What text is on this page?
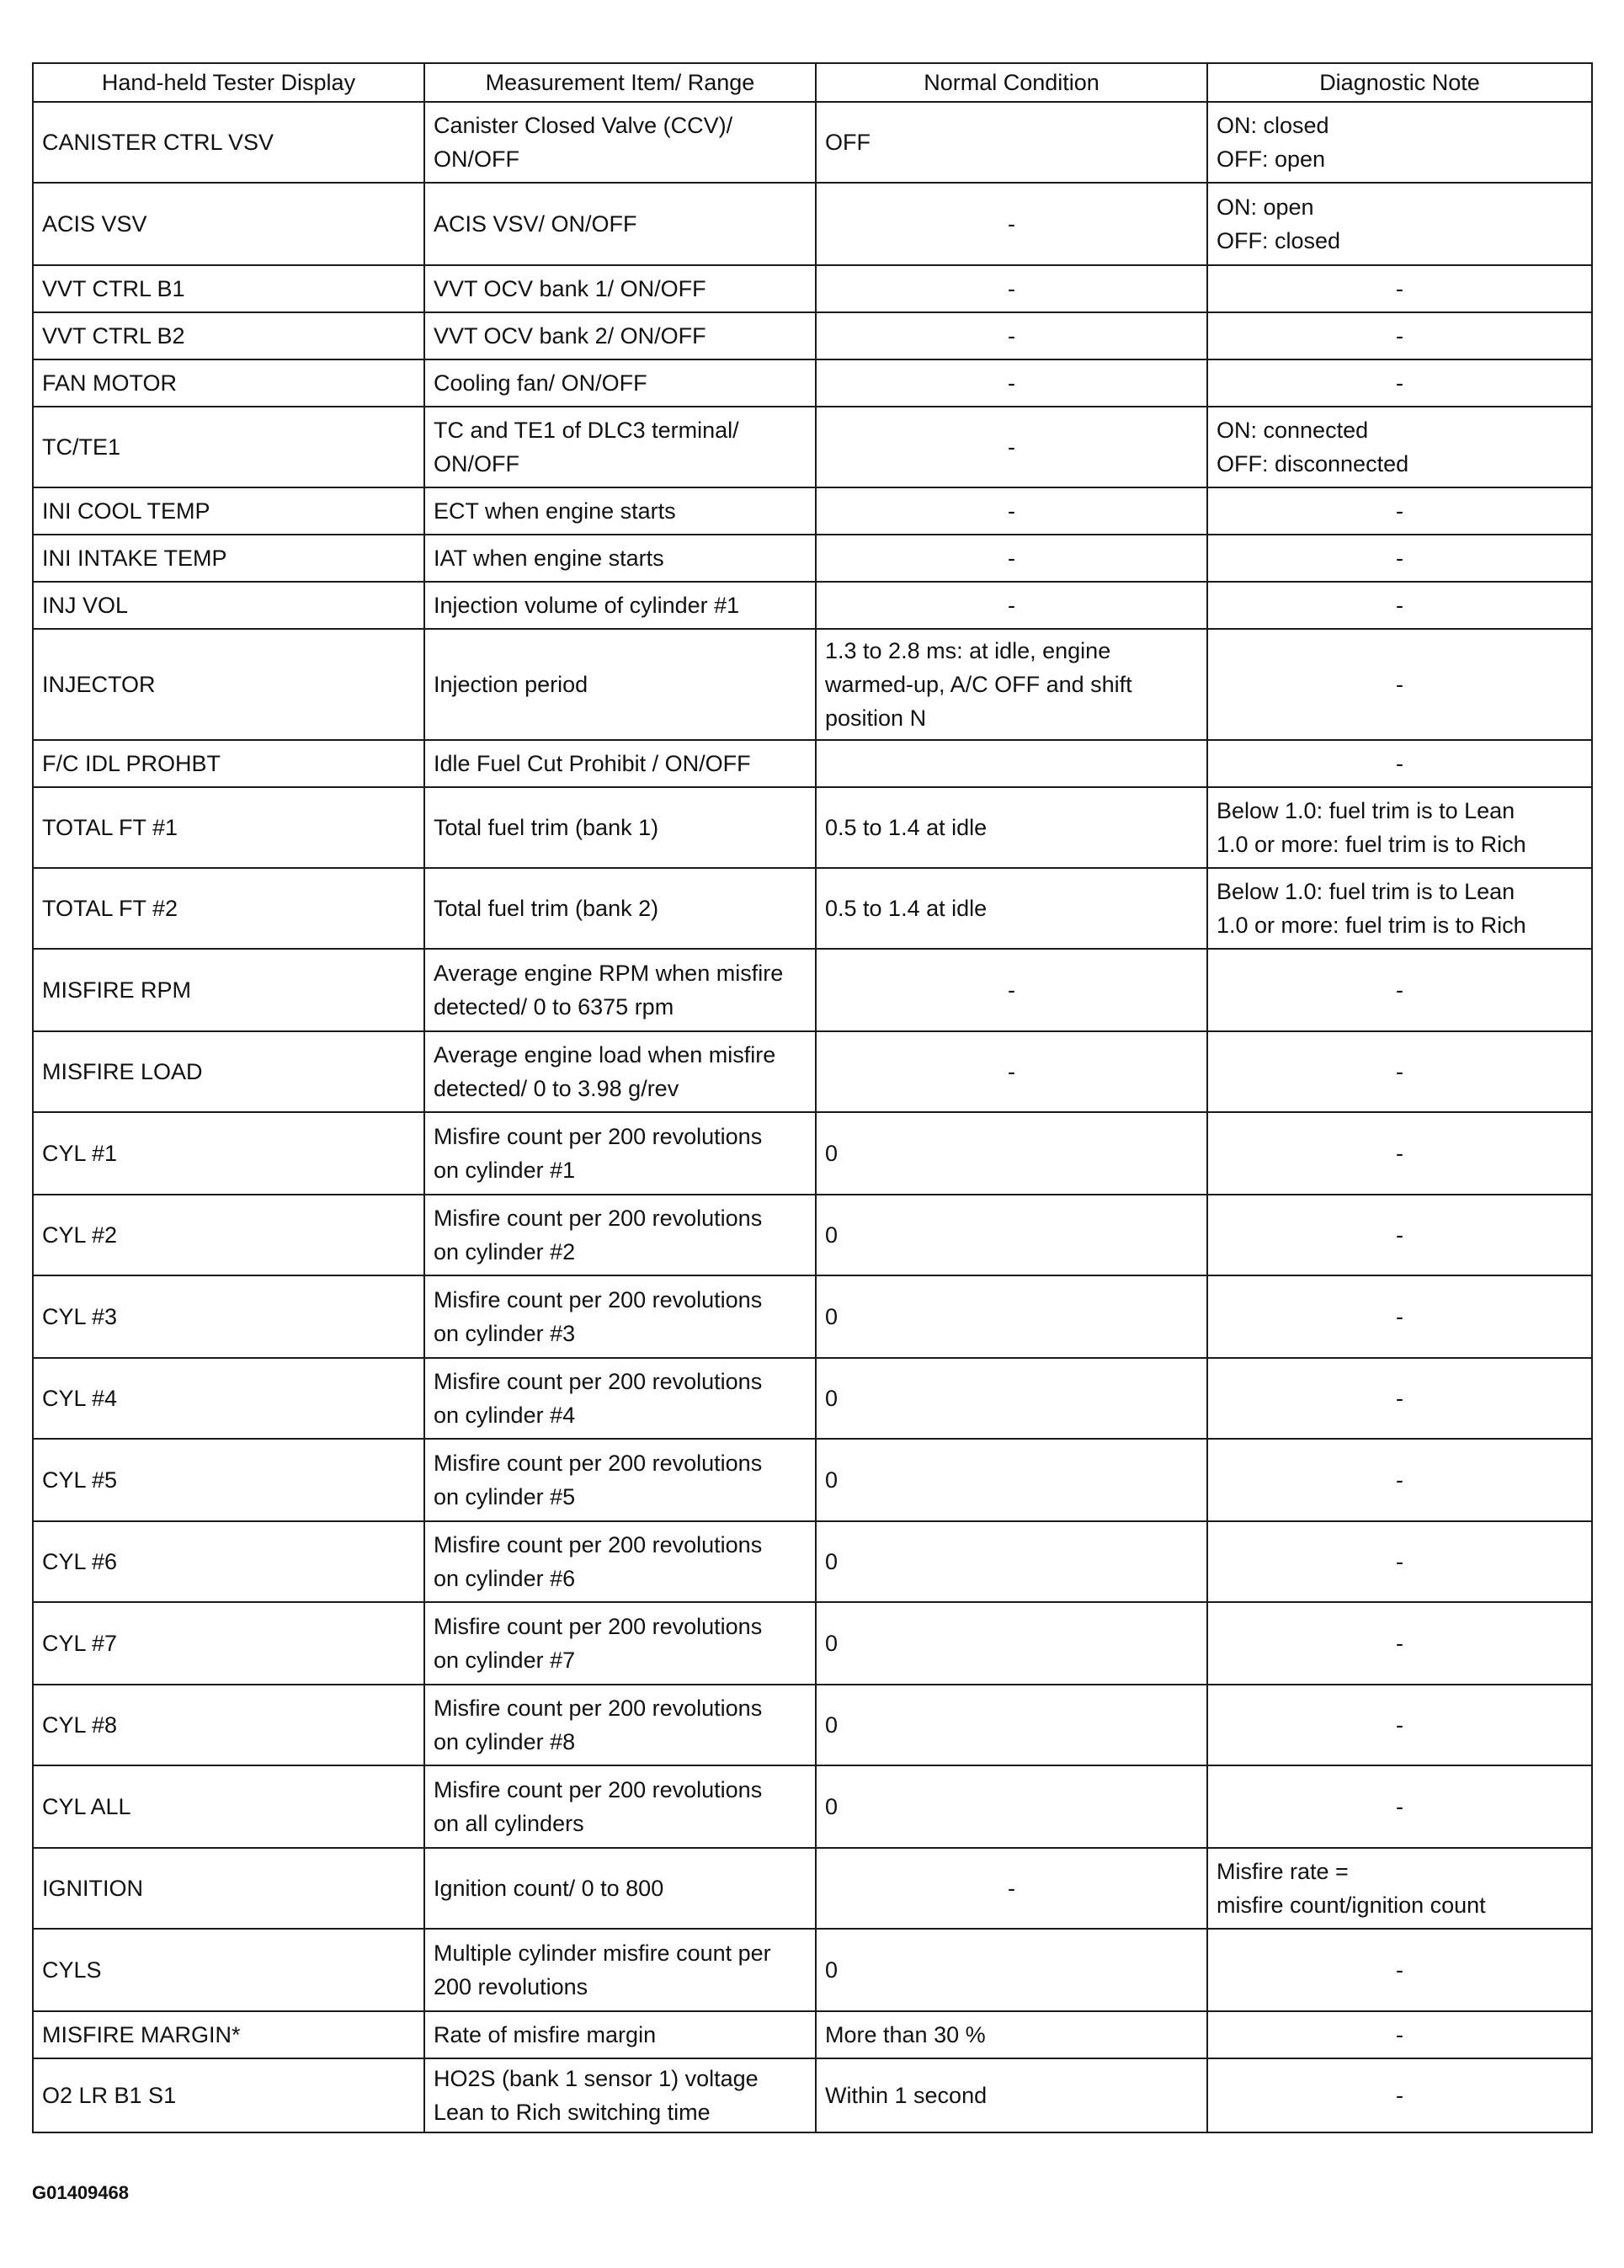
Hand-held Tester Display	Measurement Item/ Range	Normal Condition	Diagnostic Note
CANISTER CTRL VSV	Canister Closed Valve (CCV)/
ON/OFF	OFF	ON: closed
OFF: open
ACIS VSV	ACIS VSV/ ON/OFF	-	ON: open
OFF: closed
VVT CTRL B1	VVT OCV bank 1/ ON/OFF	-	-
VVT CTRL B2	VVT OCV bank 2/ ON/OFF	-	-
FAN MOTOR	Cooling fan/ ON/OFF	-	-
TC/TE1	TC and TE1 of DLC3 terminal/
ON/OFF	-	ON: connected
OFF: disconnected
INI COOL TEMP	ECT when engine starts	-	-
INI INTAKE TEMP	IAT when engine starts	-	-
INJ VOL	Injection volume of cylinder #1	-	-
INJECTOR	Injection period	1.3 to 2.8 ms: at idle, engine
warmed-up, A/C OFF and shift
position N	-
F/C IDL PROHBT	Idle Fuel Cut Prohibit / ON/OFF		-
TOTAL FT #1	Total fuel trim (bank 1)	0.5 to 1.4 at idle	Below 1.0: fuel trim is to Lean
1.0 or more: fuel trim is to Rich
TOTAL FT #2	Total fuel trim (bank 2)	0.5 to 1.4 at idle	Below 1.0: fuel trim is to Lean
1.0 or more: fuel trim is to Rich
MISFIRE RPM	Average engine RPM when misfire
detected/ 0 to 6375 rpm	-	-
MISFIRE LOAD	Average engine load when misfire
detected/ 0 to 3.98 g/rev	-	-
CYL #1	Misfire count per 200 revolutions
on cylinder #1	0	-
CYL #2	Misfire count per 200 revolutions
on cylinder #2	0	-
CYL #3	Misfire count per 200 revolutions
on cylinder #3	0	-
CYL #4	Misfire count per 200 revolutions
on cylinder #4	0	-
CYL #5	Misfire count per 200 revolutions
on cylinder #5	0	-
CYL #6	Misfire count per 200 revolutions
on cylinder #6	0	-
CYL #7	Misfire count per 200 revolutions
on cylinder #7	0	-
CYL #8	Misfire count per 200 revolutions
on cylinder #8	0	-
CYL ALL	Misfire count per 200 revolutions
on all cylinders	0	-
IGNITION	Ignition count/ 0 to 800	-	Misfire rate =
misfire count/ignition count
CYLS	Multiple cylinder misfire count per
200 revolutions	0	-
MISFIRE MARGIN*	Rate of misfire margin	More than 30 %	-
O2 LR B1 S1	HO2S (bank 1 sensor 1) voltage
Lean to Rich switching time	Within 1 second	-
G01409468
